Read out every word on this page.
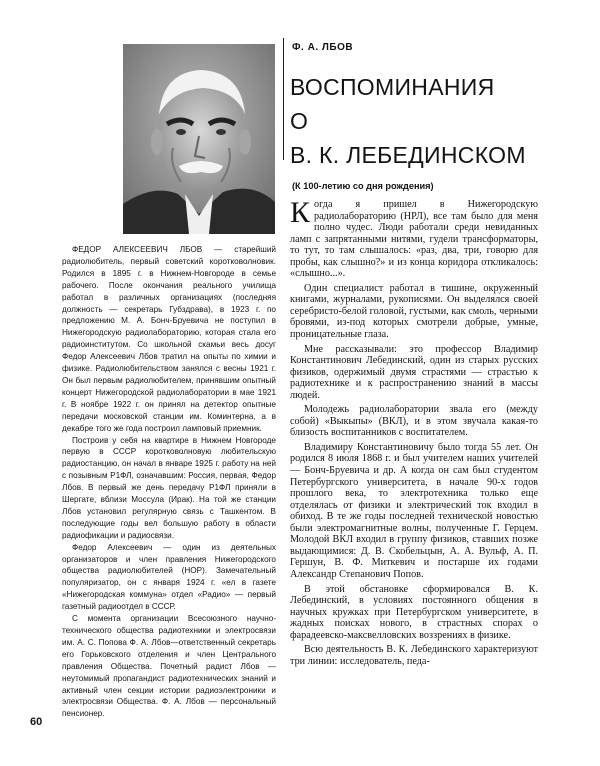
ФЕДОР АЛЕКСЕЕВИЧ ЛБОВ — старейший радиолюбитель, первый советский коротковолновик. Родился в 1895 г. в Нижнем-Новгороде в семье рабочего. После окончания реального училища работал в различных организациях (последняя должность — секретарь Губздрава), в 1923 г. по предложению М. А. Бонч-Бруевича не поступил в Нижегородскую радиолабораторию, которая стала его радиоинститутом. Со школьной скамьи весь досуг Федор Алексеевич Лбов тратил на опыты по химии и физике. Радиолюбительством занялся с весны 1921 г. Он был первым радиолюбителем, принявшим опытный концерт Нижегородской радиолаборатории в мае 1921 г. В ноябре 1922 г. он принял на детектор опытные передачи московской станции им. Коминтерна, а в декабре того же года построил ламповый приемник.

Построив у себя на квартире в Нижнем Новгороде первую в СССР коротковолновую любительскую радиостанцию, он начал в январе 1925 г. работу на ней с позывным Р1ФЛ, означавшим: Россия, первая, Федор Лбов. В первый же день передачу Р1ФЛ приняли в Шергате, вблизи Моссула (Ирак). На той же станции Лбов установил регулярную связь с Ташкентом. В последующие годы вел большую работу в области радиофикации и радиосвязи.

Федор Алексеевич — один из деятельных организаторов и член правления Нижегородского общества радиолюбителей (НОР). Замечательный популяризатор, он с января 1924 г. «ел в газете «Нижегородская коммуна» отдел «Радио» — первый газетный радиоотдел в СССР.

С момента организации Всесоюзного научно-технического общества радиотехники и электросвязи им. А. С. Попова Ф. А. Лбов—ответственный секретарь его Горьковского отделения и член Центрального правления Общества. Почетный радист Лбов — неутомимый пропагандист радиотехнических знаний и активный член секции истории радиоэлектроники и электросвязи Общества. Ф. А. Лбов — персональный пенсионер.

60
Ф. А. ЛБОВ
ВОСПОМИНАНИЯ
О
В. К. ЛЕБЕДИНСКОМ
(К 100-летию со дня рождения)

Когда я пришел в Нижегородскую радиолабораторию (НРЛ), все там было для меня полно чудес. Люди работали среди невиданных ламп с запрятанными нитями, гудели трансформаторы, то тут, то там слышалось: «раз, два, три, говорю для пробы, как слышно?» и из конца коридора откликалось: «слышно...».

Один специалист работал в тишине, окруженный книгами, журналами, рукописями. Он выделялся своей серебристо-белой головой, густыми, как смоль, черными бровями, из-под которых смотрели добрые, умные, проницательные глаза.

Мне рассказывали: это профессор Владимир Константинович Лебединский, один из старых русских физиков, одержимый двумя страстями — страстью к радиотехнике и к распространению знаний в массы людей.

Молодежь радиолаборатории звала его (между собой) «Выкыпы» (ВКЛ), и в этом звучала какая-то близость воспитанников с воспитателем.

Владимиру Константиновичу было тогда 55 лет. Он родился 8 июля 1868 г. и был учителем наших учителей — Бонч-Бруевича и др. А когда он сам был студентом Петербургского университета, в начале 90-х годов прошлого века, то электротехника только еще отделялась от физики и электрический ток входил в обиход. В те же годы последней технической новостью были электромагнитные волны, полученные Г. Герцем. Молодой ВКЛ входил в группу физиков, ставших позже выдающимися: Д. В. Скобельцын, А. А. Вульф, А. П. Гершун, В. Ф. Миткевич и постарше их годами Александр Степанович Попов.

В этой обстановке сформировался В. К. Лебединский, в условиях постоянного общения в научных кружках при Петербургском университете, в жадных поисках нового, в страстных спорах о фарадеевско-максвелловских воззрениях в физике.

Всю деятельность В. К. Лебединского характеризуют три линии: исследователь, педа-
